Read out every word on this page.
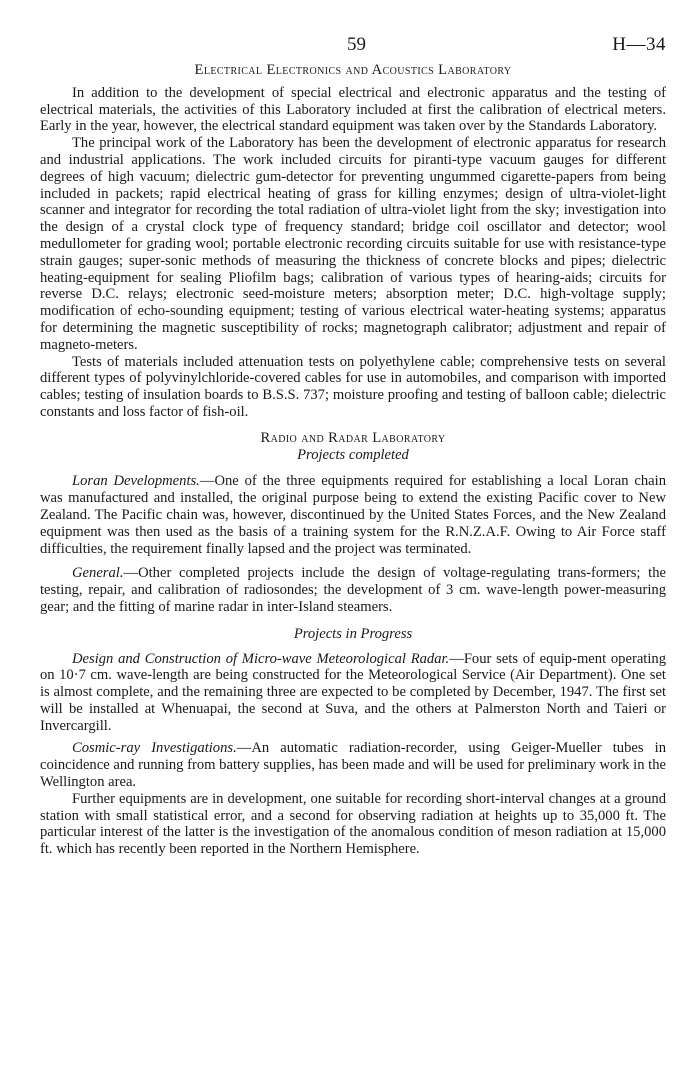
59	H—34

Electrical Electronics and Acoustics Laboratory

In addition to the development of special electrical and electronic apparatus and the testing of electrical materials, the activities of this Laboratory included at first the calibration of electrical meters. Early in the year, however, the electrical standard equipment was taken over by the Standards Laboratory.

The principal work of the Laboratory has been the development of electronic apparatus for research and industrial applications. The work included circuits for piranti-type vacuum gauges for different degrees of high vacuum; dielectric gum-detector for preventing ungummed cigarette-papers from being included in packets; rapid electrical heating of grass for killing enzymes; design of ultra-violet-light scanner and integrator for recording the total radiation of ultra-violet light from the sky; investigation into the design of a crystal clock type of frequency standard; bridge coil oscillator and detector; wool medullometer for grading wool; portable electronic recording circuits suitable for use with resistance-type strain gauges; super-sonic methods of measuring the thickness of concrete blocks and pipes; dielectric heating-equipment for sealing Pliofilm bags; calibration of various types of hearing-aids; circuits for reverse D.C. relays; electronic seed-moisture meters; absorption meter; D.C. high-voltage supply; modification of echo-sounding equipment; testing of various electrical water-heating systems; apparatus for determining the magnetic susceptibility of rocks; magnetograph calibrator; adjustment and repair of magneto-meters.

Tests of materials included attenuation tests on polyethylene cable; comprehensive tests on several different types of polyvinylchloride-covered cables for use in automobiles, and comparison with imported cables; testing of insulation boards to B.S.S. 737; moisture proofing and testing of balloon cable; dielectric constants and loss factor of fish-oil.

Radio and Radar Laboratory

Projects completed

Loran Developments.—One of the three equipments required for establishing a local Loran chain was manufactured and installed, the original purpose being to extend the existing Pacific cover to New Zealand. The Pacific chain was, however, discontinued by the United States Forces, and the New Zealand equipment was then used as the basis of a training system for the R.N.Z.A.F. Owing to Air Force staff difficulties, the requirement finally lapsed and the project was terminated.

General.—Other completed projects include the design of voltage-regulating trans-formers; the testing, repair, and calibration of radiosondes; the development of 3 cm. wave-length power-measuring gear; and the fitting of marine radar in inter-Island steamers.

Projects in Progress

Design and Construction of Micro-wave Meteorological Radar.—Four sets of equip-ment operating on 10·7 cm. wave-length are being constructed for the Meteorological Service (Air Department). One set is almost complete, and the remaining three are expected to be completed by December, 1947. The first set will be installed at Whenuapai, the second at Suva, and the others at Palmerston North and Taieri or Invercargill.

Cosmic-ray Investigations.—An automatic radiation-recorder, using Geiger-Mueller tubes in coincidence and running from battery supplies, has been made and will be used for preliminary work in the Wellington area.

Further equipments are in development, one suitable for recording short-interval changes at a ground station with small statistical error, and a second for observing radiation at heights up to 35,000 ft. The particular interest of the latter is the investigation of the anomalous condition of meson radiation at 15,000 ft. which has recently been reported in the Northern Hemisphere.
